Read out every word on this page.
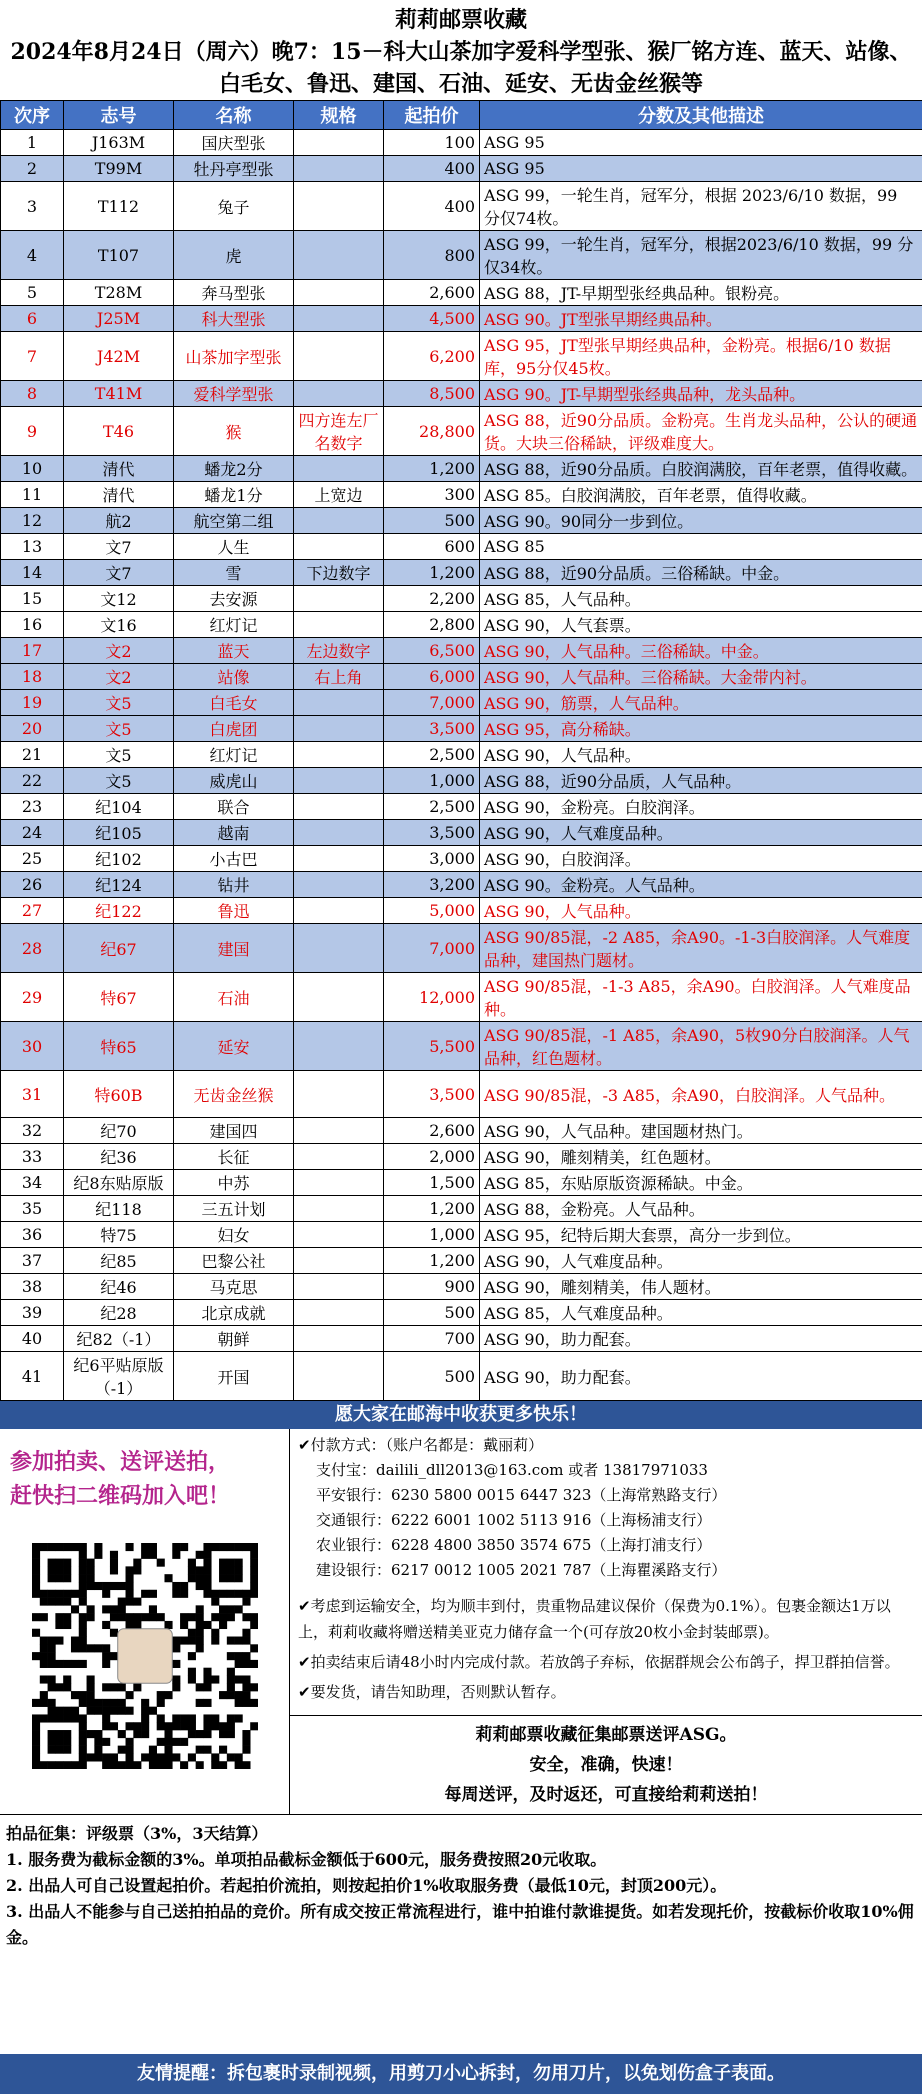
莉莉邮票收藏
2024年8月24日（周六）晚7：15－科大山茶加字爱科学型张、猴厂铭方连、蓝天、站像、白毛女、鲁迅、建国、石油、延安、无齿金丝猴等
次序	志号	名称	规格	起拍价	分数及其他描述
1	J163M	国庆型张		100	ASG 95
2	T99M	牡丹亭型张		400	ASG 95
3	T112	兔子		400	ASG 99，一轮生肖，冠军分，根据 2023/6/10 数据，99 分仅74枚。
4	T107	虎		800	ASG 99，一轮生肖，冠军分，根据2023/6/10 数据，99 分仅34枚。
5	T28M	奔马型张		2,600	ASG 88，JT-早期型张经典品种。银粉亮。
6	J25M	科大型张		4,500	ASG 90。JT型张早期经典品种。
7	J42M	山茶加字型张		6,200	ASG 95，JT型张早期经典品种，金粉亮。根据6/10 数据库，95分仅45枚。
8	T41M	爱科学型张		8,500	ASG 90。JT-早期型张经典品种，龙头品种。
9	T46	猴	四方连左厂名数字	28,800	ASG 88，近90分品质。金粉亮。生肖龙头品种，公认的硬通货。大块三俗稀缺，评级难度大。
10	清代	蟠龙2分		1,200	ASG 88，近90分品质。白胶润满胶，百年老票，值得收藏。
11	清代	蟠龙1分	上宽边	300	ASG 85。白胶润满胶，百年老票，值得收藏。
12	航2	航空第二组		500	ASG 90。90同分一步到位。
13	文7	人生		600	ASG 85
14	文7	雪	下边数字	1,200	ASG 88，近90分品质。三俗稀缺。中金。
15	文12	去安源		2,200	ASG 85，人气品种。
16	文16	红灯记		2,800	ASG 90，人气套票。
17	文2	蓝天	左边数字	6,500	ASG 90，人气品种。三俗稀缺。中金。
18	文2	站像	右上角	6,000	ASG 90，人气品种。三俗稀缺。大金带内衬。
19	文5	白毛女		7,000	ASG 90，筋票，人气品种。
20	文5	白虎团		3,500	ASG 95，高分稀缺。
21	文5	红灯记		2,500	ASG 90，人气品种。
22	文5	威虎山		1,000	ASG 88，近90分品质，人气品种。
23	纪104	联合		2,500	ASG 90，金粉亮。白胶润泽。
24	纪105	越南		3,500	ASG 90，人气难度品种。
25	纪102	小古巴		3,000	ASG 90，白胶润泽。
26	纪124	钻井		3,200	ASG 90。金粉亮。人气品种。
27	纪122	鲁迅		5,000	ASG 90，人气品种。
28	纪67	建国		7,000	ASG 90/85混，-2 A85，余A90。-1-3白胶润泽。人气难度品种，建国热门题材。
29	特67	石油		12,000	ASG 90/85混，-1-3 A85，余A90。白胶润泽。人气难度品种。
30	特65	延安		5,500	ASG 90/85混，-1 A85，余A90，5枚90分白胶润泽。人气品种，红色题材。
31	特60B	无齿金丝猴		3,500	ASG 90/85混，-3 A85，余A90，白胶润泽。人气品种。
32	纪70	建国四		2,600	ASG 90，人气品种。建国题材热门。
33	纪36	长征		2,000	ASG 90，雕刻精美，红色题材。
34	纪8东贴原版	中苏		1,500	ASG 85，东贴原版资源稀缺。中金。
35	纪118	三五计划		1,200	ASG 88，金粉亮。人气品种。
36	特75	妇女		1,000	ASG 95，纪特后期大套票，高分一步到位。
37	纪85	巴黎公社		1,200	ASG 90，人气难度品种。
38	纪46	马克思		900	ASG 90，雕刻精美，伟人题材。
39	纪28	北京成就		500	ASG 85，人气难度品种。
40	纪82（-1）	朝鲜		700	ASG 90，助力配套。
41	纪6平贴原版（-1）	开国		500	ASG 90，助力配套。
愿大家在邮海中收获更多快乐！
参加拍卖、送评送拍，
赶快扫二维码加入吧！
✔付款方式：（账户名都是：戴丽莉）
支付宝：dailili_dll2013@163.com 或者 13817971033
平安银行：6230 5800 0015 6447 323（上海常熟路支行）
交通银行：6222 6001 1002 5113 916（上海杨浦支行）
农业银行：6228 4800 3850 3574 675（上海打浦支行）
建设银行：6217 0012 1005 2021 787（上海瞿溪路支行）

✔考虑到运输安全，均为顺丰到付，贵重物品建议保价（保费为0.1%）。包裹金额达1万以上，莉莉收藏将赠送精美亚克力储存盒一个(可存放20枚小金封装邮票)。

✔拍卖结束后请48小时内完成付款。若放鸽子弃标，依据群规会公布鸽子，捍卫群拍信誉。

✔要发货，请告知助理，否则默认暂存。

莉莉邮票收藏征集邮票送评ASG。
安全，准确，快速！
每周送评，及时返还，可直接给莉莉送拍！

拍品征集：评级票（3%，3天结算）

1. 服务费为截标金额的3%。单项拍品截标金额低于600元，服务费按照20元收取。

2. 出品人可自己设置起拍价。若起拍价流拍，则按起拍价1%收取服务费（最低10元，封顶200元）。

3. 出品人不能参与自己送拍拍品的竞价。所有成交按正常流程进行，谁中拍谁付款谁提货。如若发现托价，按截标价收取10%佣金。

友情提醒：拆包裹时录制视频，用剪刀小心拆封，勿用刀片，以免划伤盒子表面。
